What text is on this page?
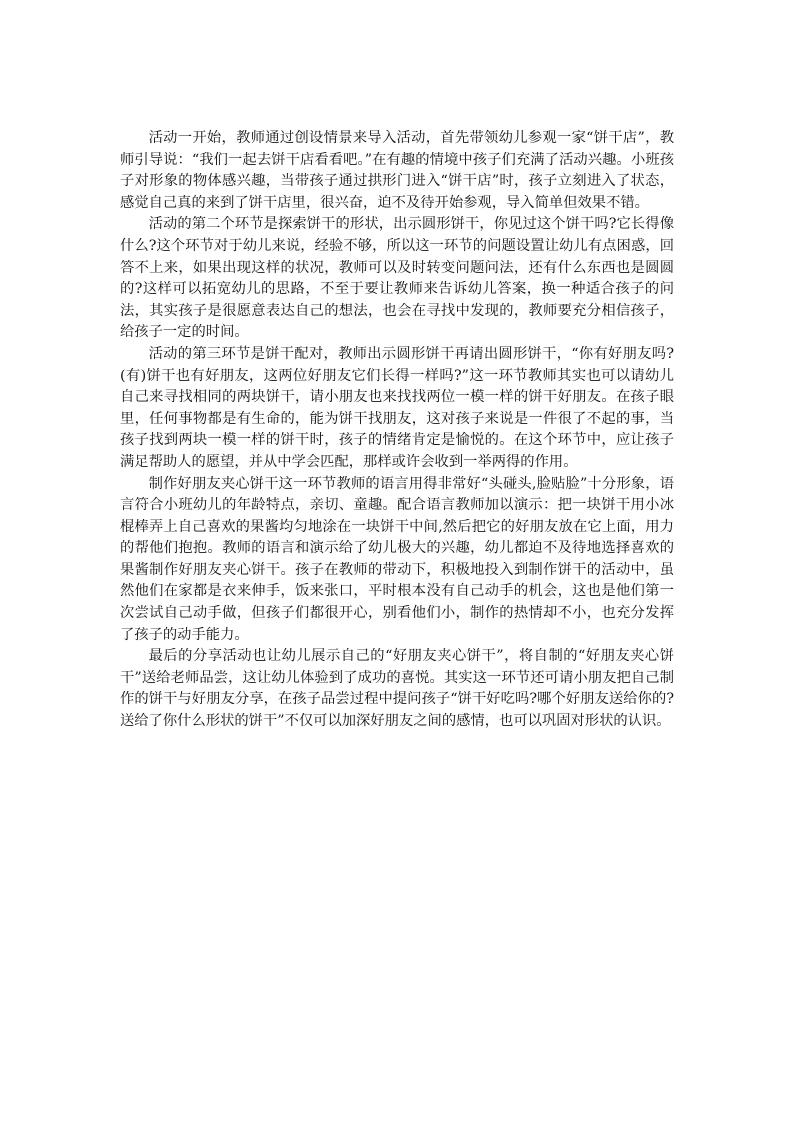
活动一开始，教师通过创设情景来导入活动，首先带领幼儿参观一家“饼干店”，教师引导说：“我们一起去饼干店看看吧。”在有趣的情境中孩子们充满了活动兴趣。小班孩子对形象的物体感兴趣，当带孩子通过拱形门进入“饼干店”时，孩子立刻进入了状态，感觉自己真的来到了饼干店里，很兴奋，迫不及待开始参观，导入简单但效果不错。

活动的第二个环节是探索饼干的形状，出示圆形饼干，你见过这个饼干吗?它长得像什么?这个环节对于幼儿来说，经验不够，所以这一环节的问题设置让幼儿有点困惑，回答不上来，如果出现这样的状况，教师可以及时转变问题问法，还有什么东西也是圆圆的?这样可以拓宽幼儿的思路，不至于要让教师来告诉幼儿答案，换一种适合孩子的问法，其实孩子是很愿意表达自己的想法，也会在寻找中发现的，教师要充分相信孩子，给孩子一定的时间。

活动的第三环节是饼干配对，教师出示圆形饼干再请出圆形饼干，“你有好朋友吗?(有)饼干也有好朋友，这两位好朋友它们长得一样吗?”这一环节教师其实也可以请幼儿自己来寻找相同的两块饼干，请小朋友也来找找两位一模一样的饼干好朋友。在孩子眼里，任何事物都是有生命的，能为饼干找朋友，这对孩子来说是一件很了不起的事，当孩子找到两块一模一样的饼干时，孩子的情绪肯定是愉悦的。在这个环节中，应让孩子满足帮助人的愿望，并从中学会匹配，那样或许会收到一举两得的作用。

制作好朋友夹心饼干这一环节教师的语言用得非常好“头碰头,脸贴脸”十分形象，语言符合小班幼儿的年龄特点，亲切、童趣。配合语言教师加以演示：把一块饼干用小冰棍棒弄上自己喜欢的果酱均匀地涂在一块饼干中间,然后把它的好朋友放在它上面，用力的帮他们抱抱。教师的语言和演示给了幼儿极大的兴趣，幼儿都迫不及待地选择喜欢的果酱制作好朋友夹心饼干。孩子在教师的带动下，积极地投入到制作饼干的活动中，虽然他们在家都是衣来伸手，饭来张口，平时根本没有自己动手的机会，这也是他们第一次尝试自己动手做，但孩子们都很开心，别看他们小，制作的热情却不小，也充分发挥了孩子的动手能力。

最后的分享活动也让幼儿展示自己的“好朋友夹心饼干”，将自制的“好朋友夹心饼干”送给老师品尝，这让幼儿体验到了成功的喜悦。其实这一环节还可请小朋友把自己制作的饼干与好朋友分享，在孩子品尝过程中提问孩子“饼干好吃吗?哪个好朋友送给你的?送给了你什么形状的饼干”不仅可以加深好朋友之间的感情，也可以巩固对形状的认识。
